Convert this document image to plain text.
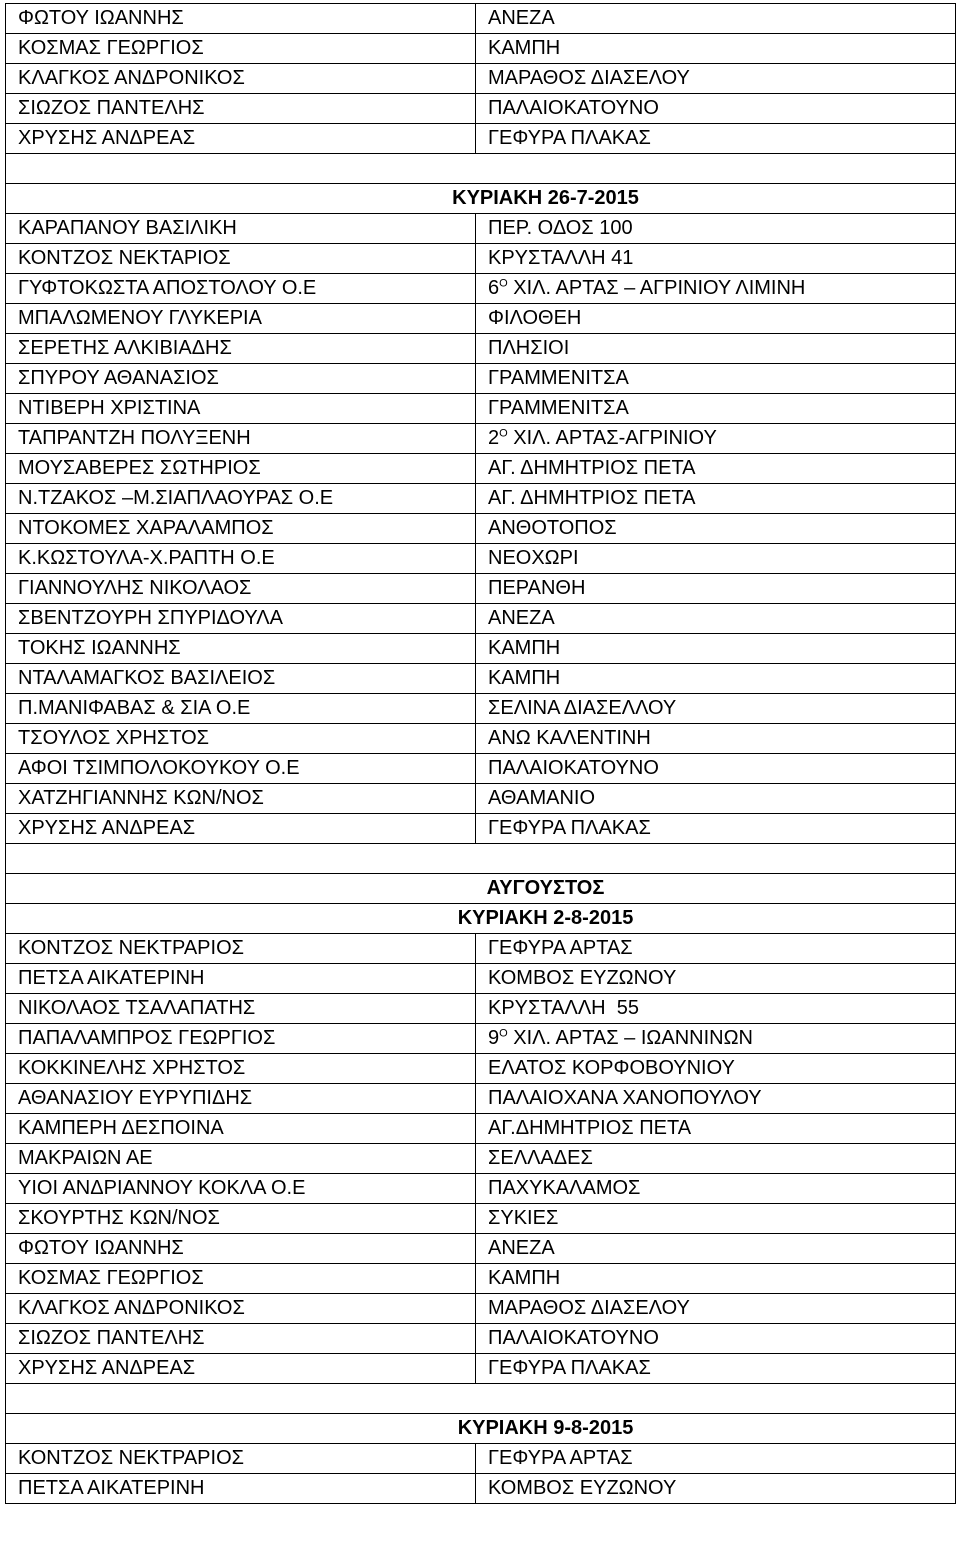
ΦΩΤΟΥ ΙΩΑΝΝΗΣ	ΑΝΕΖΑ
ΚΟΣΜΑΣ ΓΕΩΡΓΙΟΣ	ΚΑΜΠΗ
ΚΛΑΓΚΟΣ ΑΝΔΡΟΝΙΚΟΣ	ΜΑΡΑΘΟΣ ΔΙΑΣΕΛΟΥ
ΣΙΩΖΟΣ ΠΑΝΤΕΛΗΣ	ΠΑΛΑΙΟΚΑΤΟΥΝΟ
ΧΡΥΣΗΣ ΑΝΔΡΕΑΣ	ΓΕΦΥΡΑ ΠΛΑΚΑΣ

ΚΥΡΙΑΚΗ 26-7-2015	
ΚΑΡΑΠΑΝΟΥ ΒΑΣΙΛΙΚΗ	ΠΕΡ. ΟΔΟΣ 100
ΚΟΝΤΖΟΣ ΝΕΚΤΑΡΙΟΣ	ΚΡΥΣΤΑΛΛΗ 41
ΓΥΦΤΟΚΩΣΤΑ ΑΠΟΣΤΟΛΟΥ Ο.Ε	$6^O$ ΧΙΛ. ΑΡΤΑΣ – ΑΓΡΙΝΙΟΥ ΛΙΜΙΝΗ
ΜΠΑΛΩΜΕΝΟΥ ΓΛΥΚΕΡΙΑ	ΦΙΛΟΘΕΗ
ΣΕΡΕΤΗΣ ΑΛΚΙΒΙΑΔΗΣ	ΠΛΗΣΙΟΙ
ΣΠΥΡΟΥ ΑΘΑΝΑΣΙΟΣ	ΓΡΑΜΜΕΝΙΤΣΑ
ΝΤΙΒΕΡΗ ΧΡΙΣΤΙΝΑ	ΓΡΑΜΜΕΝΙΤΣΑ
ΤΑΠΡΑΝΤΖΗ ΠΟΛΥΞΕΝΗ	$2^O$ ΧΙΛ. ΑΡΤΑΣ-ΑΓΡΙΝΙΟΥ
ΜΟΥΣΑΒΕΡΕΣ ΣΩΤΗΡΙΟΣ	ΑΓ. ΔΗΜΗΤΡΙΟΣ ΠΕΤΑ
Ν.ΤΖΑΚΟΣ –Μ.ΣΙΑΠΛΑΟΥΡΑΣ Ο.Ε	ΑΓ. ΔΗΜΗΤΡΙΟΣ ΠΕΤΑ
ΝΤΟΚΟΜΕΣ ΧΑΡΑΛΑΜΠΟΣ	ΑΝΘΟΤΟΠΟΣ
Κ.ΚΩΣΤΟΥΛΑ-Χ.ΡΑΠΤΗ Ο.Ε	ΝΕΟΧΩΡΙ
ΓΙΑΝΝΟΥΛΗΣ ΝΙΚΟΛΑΟΣ	ΠΕΡΑΝΘΗ
ΣΒΕΝΤΖΟΥΡΗ ΣΠΥΡΙΔΟΥΛΑ	ΑΝΕΖΑ
ΤΟΚΗΣ ΙΩΑΝΝΗΣ	ΚΑΜΠΗ
ΝΤΑΛΑΜΑΓΚΟΣ ΒΑΣΙΛΕΙΟΣ	ΚΑΜΠΗ
Π.ΜΑΝΙΦΑΒΑΣ & ΣΙΑ Ο.Ε	ΣΕΛΙΝΑ ΔΙΑΣΕΛΛΟΥ
ΤΣΟΥΛΟΣ ΧΡΗΣΤΟΣ	ΑΝΩ ΚΑΛΕΝΤΙΝΗ
ΑΦΟΙ ΤΣΙΜΠΟΛΟΚΟΥΚΟΥ Ο.Ε	ΠΑΛΑΙΟΚΑΤΟΥΝΟ
ΧΑΤΖΗΓΙΑΝΝΗΣ ΚΩΝ/ΝΟΣ	ΑΘΑΜΑΝΙΟ
ΧΡΥΣΗΣ ΑΝΔΡΕΑΣ	ΓΕΦΥΡΑ ΠΛΑΚΑΣ

ΑΥΓΟΥΣΤΟΣ	
ΚΥΡΙΑΚΗ 2-8-2015	
ΚΟΝΤΖΟΣ ΝΕΚΤΡΑΡΙΟΣ	ΓΕΦΥΡΑ ΑΡΤΑΣ
ΠΕΤΣΑ ΑΙΚΑΤΕΡΙΝΗ	ΚΟΜΒΟΣ ΕΥΖΩΝΟΥ
ΝΙΚΟΛΑΟΣ ΤΣΑΛΑΠΑΤΗΣ	ΚΡΥΣΤΑΛΛΗ  55
ΠΑΠΑΛΑΜΠΡΟΣ ΓΕΩΡΓΙΟΣ	$9^O$ ΧΙΛ. ΑΡΤΑΣ – ΙΩΑΝΝΙΝΩΝ
ΚΟΚΚΙΝΕΛΗΣ ΧΡΗΣΤΟΣ	ΕΛΑΤΟΣ ΚΟΡΦΟΒΟΥΝΙΟΥ
ΑΘΑΝΑΣΙΟΥ ΕΥΡΥΠΙΔΗΣ	ΠΑΛΑΙΟΧΑΝΑ ΧΑΝΟΠΟΥΛΟΥ
ΚΑΜΠΕΡΗ ΔΕΣΠΟΙΝΑ	ΑΓ.ΔΗΜΗΤΡΙΟΣ ΠΕΤΑ
ΜΑΚΡΑΙΩΝ ΑΕ	ΣΕΛΛΑΔΕΣ
ΥΙΟΙ ΑΝΔΡΙΑΝΝΟΥ ΚΟΚΛΑ Ο.Ε	ΠΑΧΥΚΑΛΑΜΟΣ
ΣΚΟΥΡΤΗΣ ΚΩΝ/ΝΟΣ	ΣΥΚΙΕΣ
ΦΩΤΟΥ ΙΩΑΝΝΗΣ	ΑΝΕΖΑ
ΚΟΣΜΑΣ ΓΕΩΡΓΙΟΣ	ΚΑΜΠΗ
ΚΛΑΓΚΟΣ ΑΝΔΡΟΝΙΚΟΣ	ΜΑΡΑΘΟΣ ΔΙΑΣΕΛΟΥ
ΣΙΩΖΟΣ ΠΑΝΤΕΛΗΣ	ΠΑΛΑΙΟΚΑΤΟΥΝΟ
ΧΡΥΣΗΣ ΑΝΔΡΕΑΣ	ΓΕΦΥΡΑ ΠΛΑΚΑΣ

ΚΥΡΙΑΚΗ 9-8-2015	
ΚΟΝΤΖΟΣ ΝΕΚΤΡΑΡΙΟΣ	ΓΕΦΥΡΑ ΑΡΤΑΣ
ΠΕΤΣΑ ΑΙΚΑΤΕΡΙΝΗ	ΚΟΜΒΟΣ ΕΥΖΩΝΟΥ
